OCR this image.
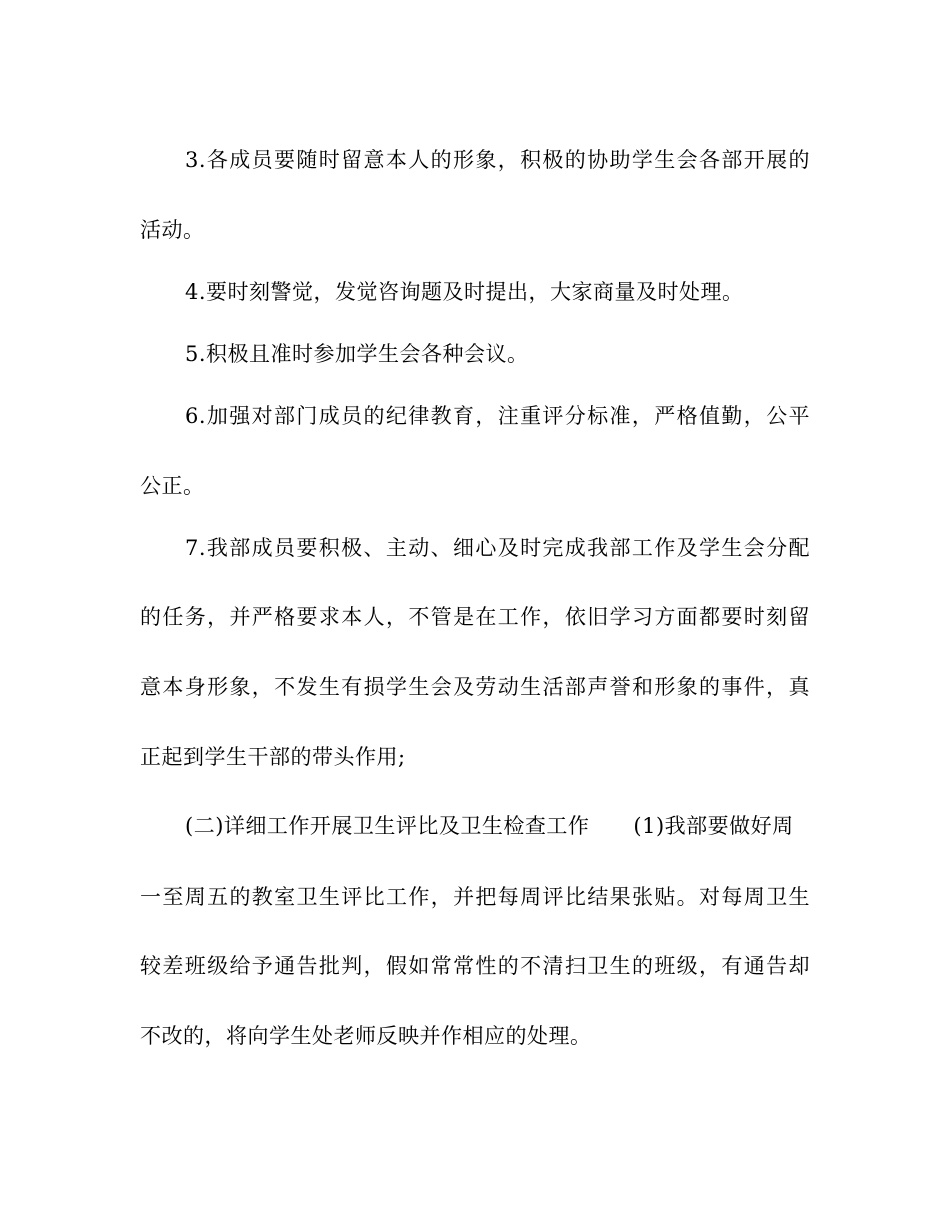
3.各成员要随时留意本人的形象，积极的协助学生会各部开展的
活动。
4.要时刻警觉，发觉咨询题及时提出，大家商量及时处理。
5.积极且准时参加学生会各种会议。
6.加强对部门成员的纪律教育，注重评分标准，严格值勤，公平
公正。
7.我部成员要积极、主动、细心及时完成我部工作及学生会分配
的任务，并严格要求本人，不管是在工作，依旧学习方面都要时刻留
意本身形象，不发生有损学生会及劳动生活部声誉和形象的事件，真
正起到学生干部的带头作用;
(二)详细工作开展卫生评比及卫生检查工作 (1)我部要做好周
一至周五的教室卫生评比工作，并把每周评比结果张贴。对每周卫生
较差班级给予通告批判，假如常常性的不清扫卫生的班级，有通告却
不改的，将向学生处老师反映并作相应的处理。
